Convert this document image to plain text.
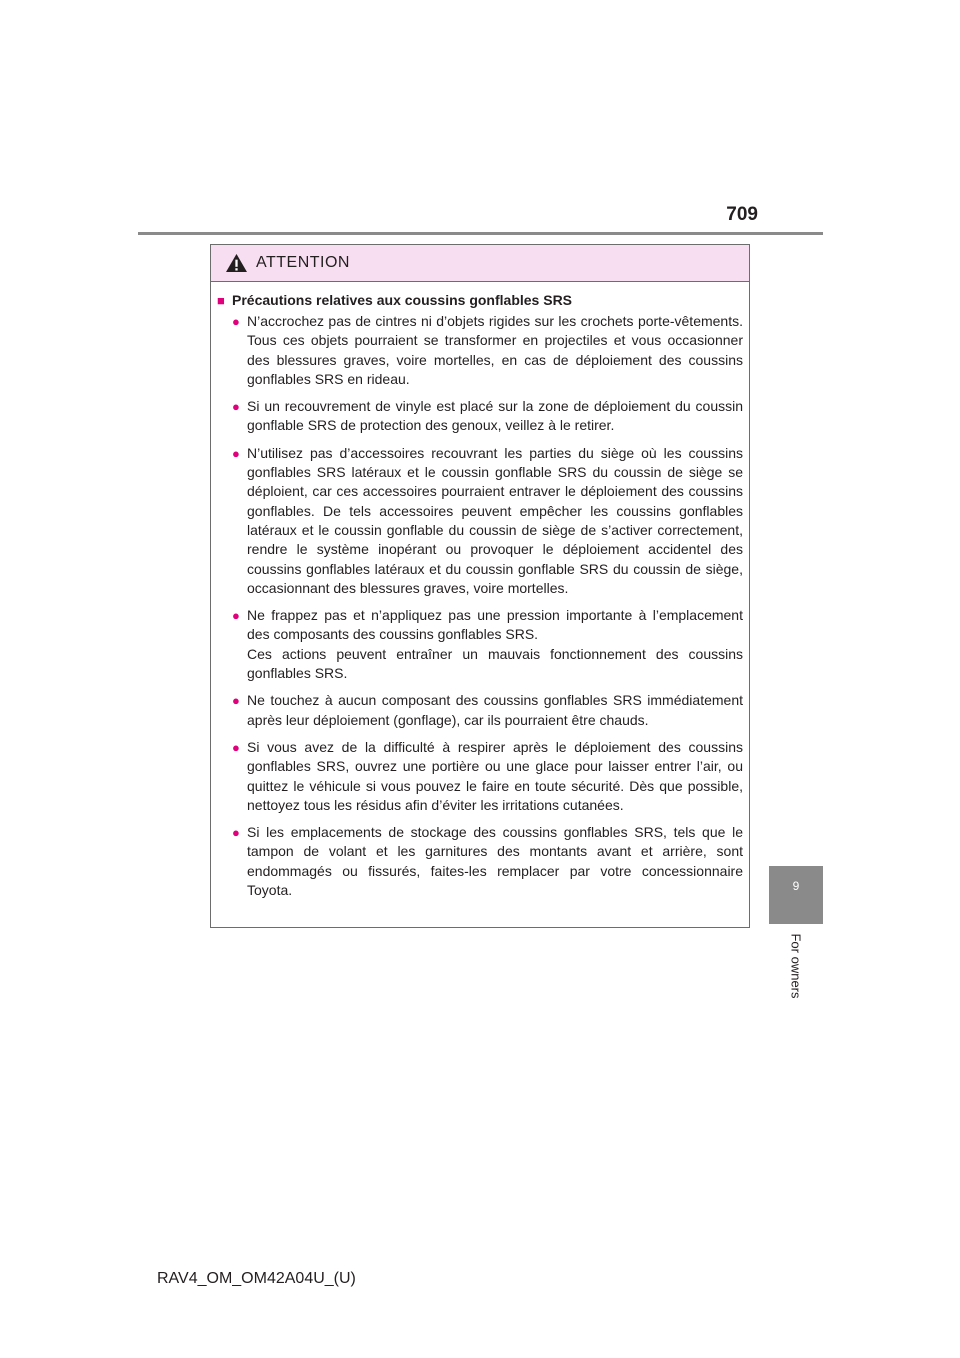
709
9
For owners
ATTENTION
■ Précautions relatives aux coussins gonflables SRS
● N’accrochez pas de cintres ni d’objets rigides sur les crochets porte-vêtements. Tous ces objets pourraient se transformer en projectiles et vous occasionner des blessures graves, voire mortelles, en cas de déploiement des coussins gonflables SRS en rideau.
● Si un recouvrement de vinyle est placé sur la zone de déploiement du coussin gonflable SRS de protection des genoux, veillez à le retirer.
● N’utilisez pas d’accessoires recouvrant les parties du siège où les coussins gonflables SRS latéraux et le coussin gonflable SRS du coussin de siège se déploient, car ces accessoires pourraient entraver le déploiement des coussins gonflables. De tels accessoires peuvent empêcher les coussins gonflables latéraux et le coussin gonflable du coussin de siège de s’activer correctement, rendre le système inopérant ou provoquer le déploiement accidentel des coussins gonflables latéraux et du coussin gonflable SRS du coussin de siège, occasionnant des blessures graves, voire mortelles.
● Ne frappez pas et n’appliquez pas une pression importante à l’emplacement des composants des coussins gonflables SRS.
Ces actions peuvent entraîner un mauvais fonctionnement des coussins gonflables SRS.
● Ne touchez à aucun composant des coussins gonflables SRS immédiatement après leur déploiement (gonflage), car ils pourraient être chauds.
● Si vous avez de la difficulté à respirer après le déploiement des coussins gonflables SRS, ouvrez une portière ou une glace pour laisser entrer l’air, ou quittez le véhicule si vous pouvez le faire en toute sécurité. Dès que possible, nettoyez tous les résidus afin d’éviter les irritations cutanées.
● Si les emplacements de stockage des coussins gonflables SRS, tels que le tampon de volant et les garnitures des montants avant et arrière, sont endommagés ou fissurés, faites-les remplacer par votre concessionnaire Toyota.
RAV4_OM_OM42A04U_(U)
